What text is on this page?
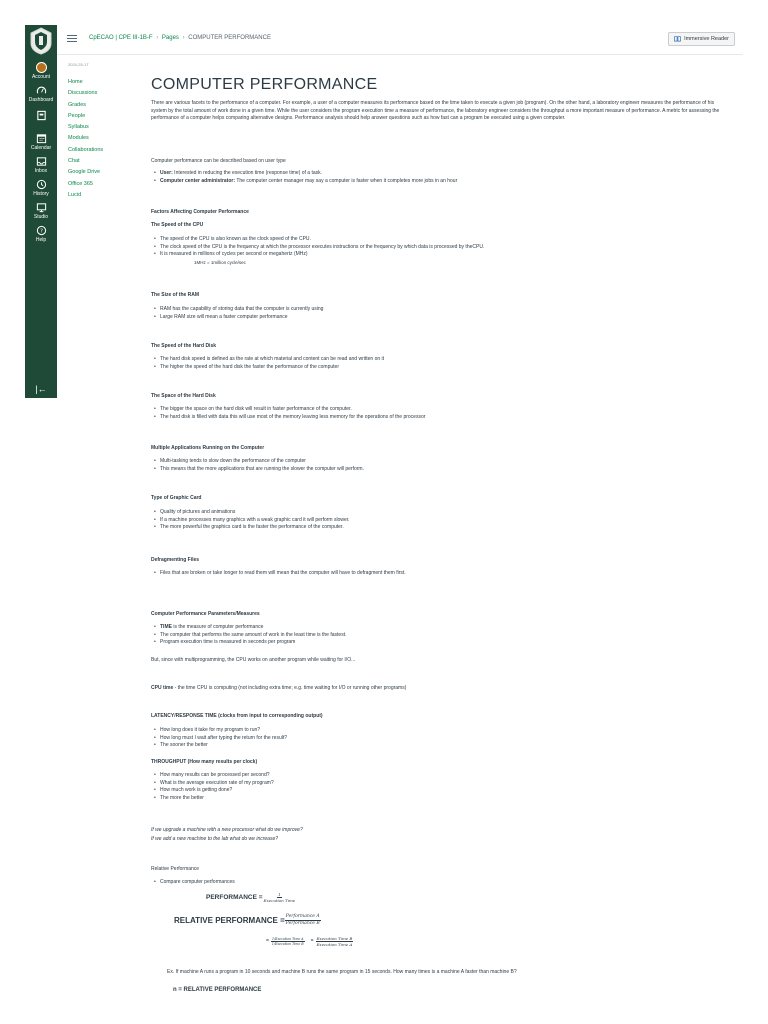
Account
Dashboard
Calendar
Inbox
History
Studio
?
Help
|←
CpECAO | CPE III-1B-F › Pages › COMPUTER PERFORMANCE	Immersive Reader
2024-25-1T
Home
Discussions
Grades
People
Syllabus
Modules
Collaborations
Chat
Google Drive
Office 365
Lucid
COMPUTER PERFORMANCE

There are various facets to the performance of a computer. For example, a user of a computer measures its performance based on the time taken to execute a given job (program). On the other hand, a laboratory engineer measures the performance of his system by the total amount of work done in a given time. While the user considers the program execution time a measure of performance, the laboratory engineer considers the throughput a more important measure of performance. A metric for assessing the performance of a computer helps comparing alternative designs. Performance analysis should help answer questions such as how fast can a program be executed using a given computer.

Computer performance can be described based on user type

• User: Interested in reducing the execution time (response time) of a task.
• Computer center administrator: The computer center manager may say a computer is faster when it completes more jobs in an hour

Factors Affecting Computer Performance

The Speed of the CPU

• The speed of the CPU is also known as the clock speed of the CPU.
• The clock speed of the CPU is the frequency at which the processor executes instructions or the frequency by which data is processed by theCPU.
• It is measured in millions of cycles per second or megahertz (MHz)

1MHz = 1million cycle/sec

The Size of the RAM

• RAM has the capability of storing data that the computer is currently using
• Large RAM size will mean a faster computer performance

The Speed of the Hard Disk

• The hard disk speed is defined as the rate at which material and content can be read and written on it
• The higher the speed of the hard disk the faster the performance of the computer

The Space of the Hard Disk

• The bigger the space on the hard disk will result in faster performance of the computer.
• The hard disk is filled with data this will use most of the memory leaving less memory for the operations of the processor

Multiple Applications Running on the Computer

• Multi-tasking tends to slow down the performance of the computer
• This means that the more applications that are running the slower the computer will perform.

Type of Graphic Card

• Quality of pictures and animations
• If a machine processes many graphics with a weak graphic card it will perform slower.
• The more powerful the graphics card is the faster the performance of the computer.

Defragmenting Files

• Files that are broken or take longer to read them will mean that the computer will have to defragment them first.

Computer Performance Parameters/Measures

• TIME is the measure of computer performance
• The computer that performs the same amount of work in the least time is the fastest.
• Program execution time is measured in seconds per program

But, since with multiprogramming, the CPU works on another program while waiting for I/O...

CPU time - the time CPU is computing (not including extra time; e.g. time waiting for I/O or running other programs)

LATENCY/RESPONSE TIME (clocks from input to corresponding output)

• How long does it take for my program to run?
• How long must I wait after typing the return for the result?
• The sooner the better

THROUGHPUT (How many results per clock)

• How many results can be processed per second?
• What is the average execution rate of my program?
• How much work is getting done?
• The more the better

If we upgrade a machine with a new processor what do we improve?

If we add a new machine to the lab what do we increase?

Relative Performance

• Compare computer performances
PERFORMANCE = $\frac{1}{\text{Execution Time}}$
RELATIVE PERFORMANCE = $\frac{\text{Performance A}}{\text{Performance B}}$
= $\frac{\text{1/Execution Time A}}{\text{1/Execution Time B}} = \frac{\text{Execution Time B}}{\text{Execution Time A}}$

Ex. If machine A runs a program in 10 seconds and machine B runs the same program in 15 seconds. How many times is a machine A faster than machine B?

n = RELATIVE PERFORMANCE
